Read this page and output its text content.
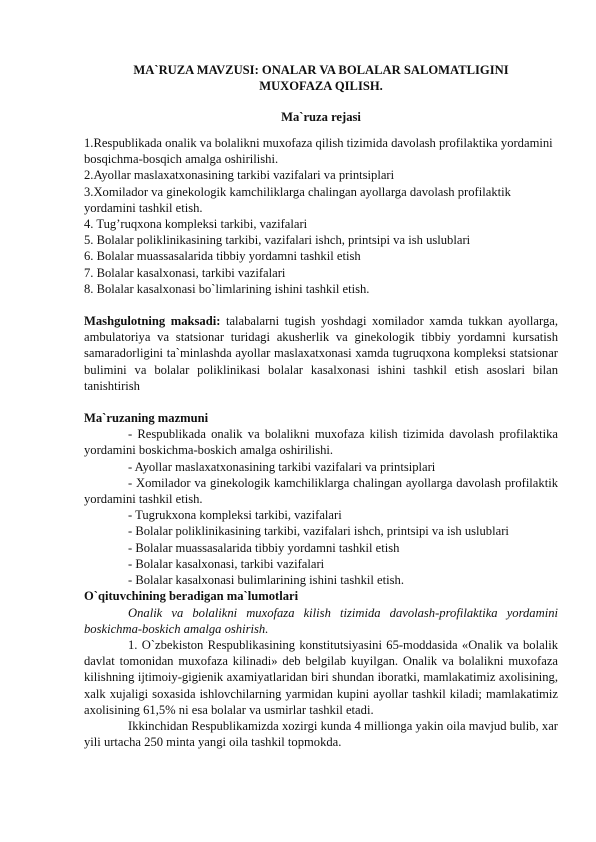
MA`RUZA MAVZUSI: ONALAR VA BOLALAR SALOMATLIGINI
MUXOFAZA QILISH.
Ma`ruza rejasi

1.Respublikada onalik va bolalikni muxofaza qilish tizimida davolash profilaktika yordamini bosqichma-bosqich amalga oshirilishi.

2.Ayollar maslaxatxonasining tarkibi vazifalari va printsiplari

3.Xomilador va ginekologik kamchiliklarga chalingan ayollarga davolash profilaktik yordamini tashkil etish.

4. Tug’ruqxona kompleksi tarkibi, vazifalari

5. Bolalar poliklinikasining tarkibi, vazifalari ishch, printsipi va ish uslublari

6. Bolalar muassasalarida tibbiy yordamni tashkil etish

7. Bolalar kasalxonasi, tarkibi vazifalari

8. Bolalar kasalxonasi bo`limlarining ishini tashkil etish.

Mashgulotning maksadi: talabalarni tugish yoshdagi xomilador xamda tukkan ayollarga, ambulatoriya va statsionar turidagi akusherlik va ginekologik tibbiy yordamni kursatish samaradorligini ta`minlashda ayollar maslaxatxonasi xamda tugruqxona kompleksi statsionar bulimini va bolalar poliklinikasi bolalar kasalxonasi ishini tashkil etish asoslari bilan tanishtirish

Ma`ruzaning mazmuni

- Respublikada onalik va bolalikni muxofaza kilish tizimida davolash profilaktika yordamini boskichma-boskich amalga oshirilishi.

- Ayollar maslaxatxonasining tarkibi vazifalari va printsiplari

- Xomilador va ginekologik kamchiliklarga chalingan ayollarga davolash profilaktik yordamini tashkil etish.

- Tugrukxona kompleksi tarkibi, vazifalari

- Bolalar poliklinikasining tarkibi, vazifalari ishch, printsipi va ish uslublari

- Bolalar muassasalarida tibbiy yordamni tashkil etish

- Bolalar kasalxonasi, tarkibi vazifalari

- Bolalar kasalxonasi bulimlarining ishini tashkil etish.

O`qituvchining beradigan ma`lumotlari

Onalik va bolalikni muxofaza kilish tizimida davolash-profilaktika yordamini boskichma-boskich amalga oshirish.

1. O`zbekiston Respublikasining konstitutsiyasini 65-moddasida «Onalik va bolalik davlat tomonidan muxofaza kilinadi» deb belgilab kuyilgan. Onalik va bolalikni muxofaza kilishning ijtimoiy-gigienik axamiyatlaridan biri shundan iboratki, mamlakatimiz axolisining, xalk xujaligi soxasida ishlovchilarning yarmidan kupini ayollar tashkil kiladi; mamlakatimiz axolisining 61,5% ni esa bolalar va usmirlar tashkil etadi.

Ikkinchidan Respublikamizda xozirgi kunda 4 millionga yakin oila mavjud bulib, xar yili urtacha 250 minta yangi oila tashkil topmokda.
